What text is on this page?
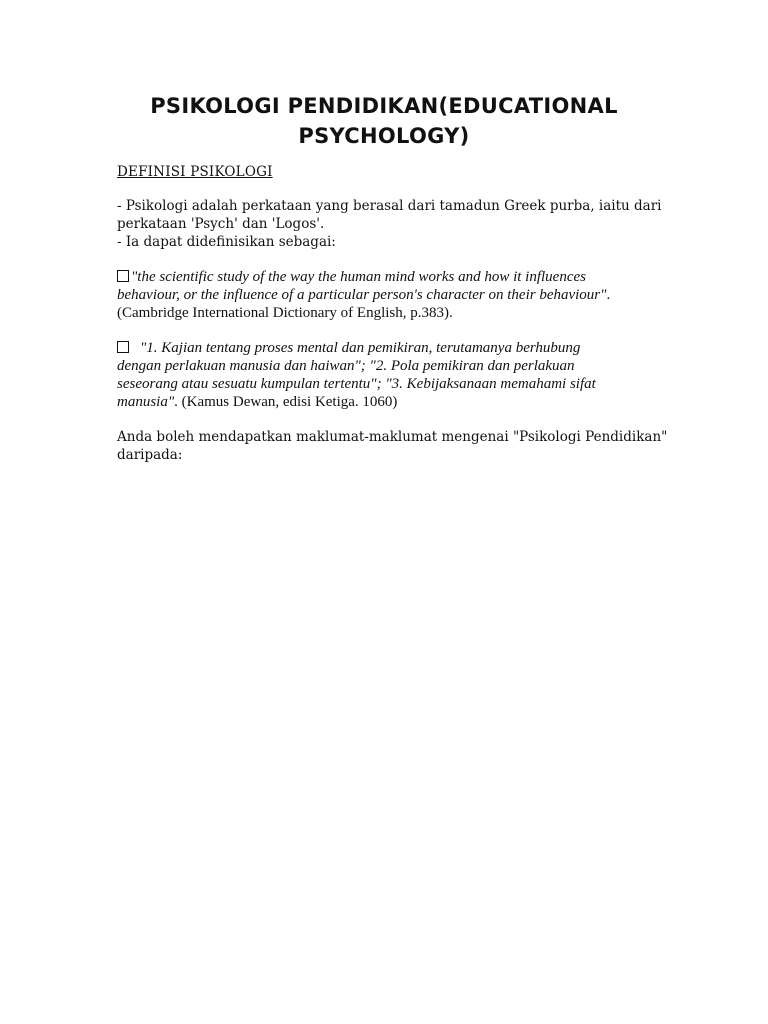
PSIKOLOGI PENDIDIKAN(EDUCATIONAL
PSYCHOLOGY)
DEFINISI PSIKOLOGI

- Psikologi adalah perkataan yang berasal dari tamadun Greek purba, iaitu dari
perkataan 'Psych' dan 'Logos'.
- Ia dapat didefinisikan sebagai:

"the scientific study of the way the human mind works and how it influences
behaviour, or the influence of a particular person's character on their behaviour".
(Cambridge International Dictionary of English, p.383).

"1. Kajian tentang proses mental dan pemikiran, terutamanya berhubung
dengan perlakuan manusia dan haiwan"; "2. Pola pemikiran dan perlakuan
seseorang atau sesuatu kumpulan tertentu"; "3. Kebijaksanaan memahami sifat
manusia". (Kamus Dewan, edisi Ketiga. 1060)

Anda boleh mendapatkan maklumat-maklumat mengenai "Psikologi Pendidikan"
daripada:
